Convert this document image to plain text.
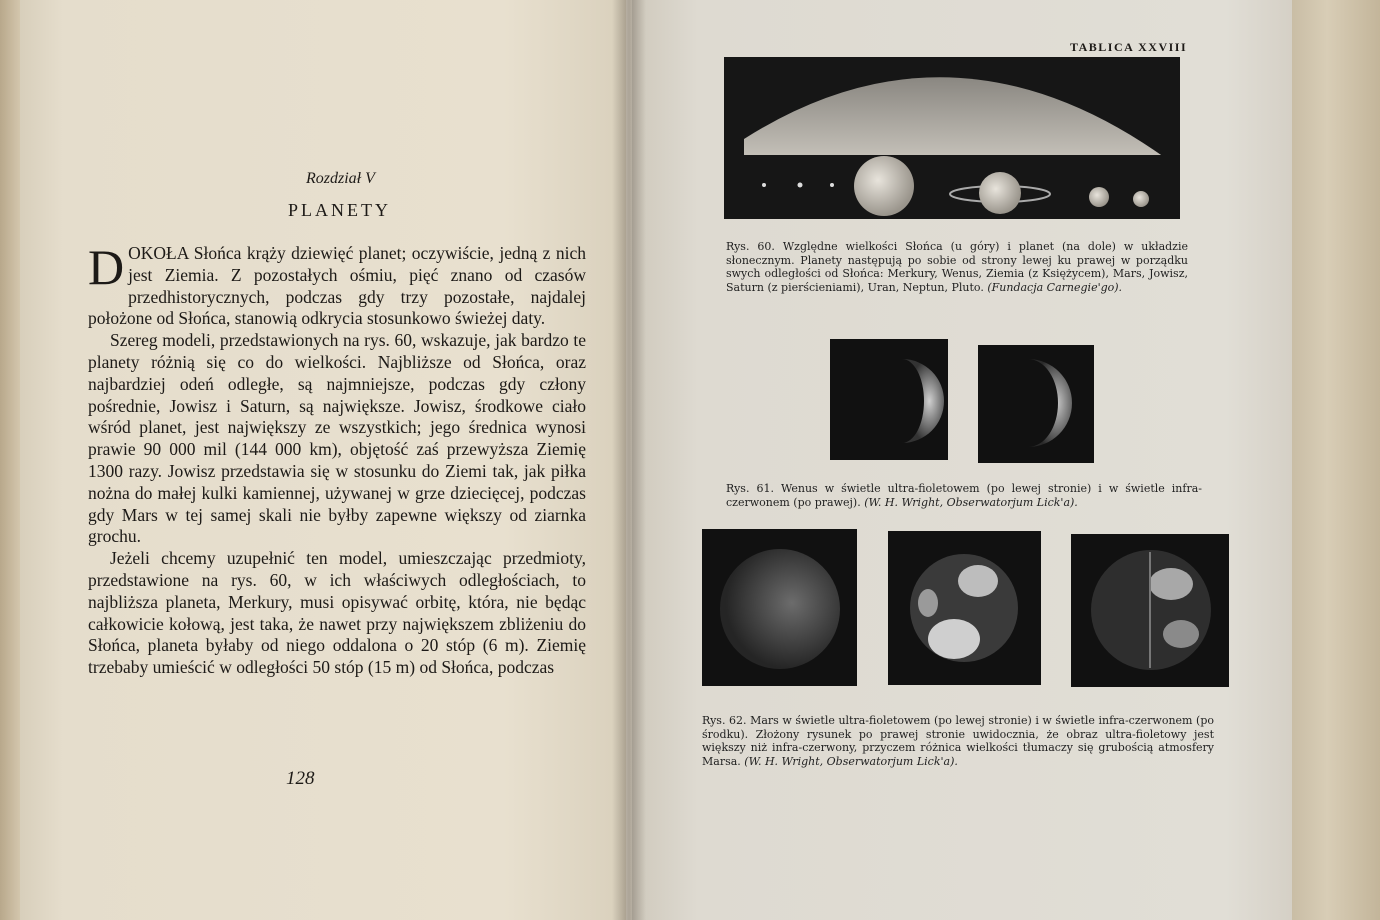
Rozdział V
PLANETY

DOKOŁA Słońca krąży dziewięć planet; oczywiście, jedną z nich jest Ziemia. Z pozostałych ośmiu, pięć znano od czasów przedhistorycznych, podczas gdy trzy pozostałe, najdalej położone od Słońca, stanowią odkrycia stosunkowo świeżej daty.

Szereg modeli, przedstawionych na rys. 60, wskazuje, jak bardzo te planety różnią się co do wielkości. Najbliższe od Słońca, oraz najbardziej odeń odległe, są najmniejsze, podczas gdy człony pośrednie, Jowisz i Saturn, są największe. Jowisz, środkowe ciało wśród planet, jest największy ze wszystkich; jego średnica wynosi prawie 90 000 mil (144 000 km), objętość zaś przewyższa Ziemię 1300 razy. Jowisz przedstawia się w stosunku do Ziemi tak, jak piłka nożna do małej kulki kamiennej, używanej w grze dziecięcej, podczas gdy Mars w tej samej skali nie byłby zapewne większy od ziarnka grochu.

Jeżeli chcemy uzupełnić ten model, umieszczając przedmioty, przedstawione na rys. 60, w ich właściwych odległościach, to najbliższa planeta, Merkury, musi opisywać orbitę, która, nie będąc całkowicie kołową, jest taka, że nawet przy największem zbliżeniu do Słońca, planeta byłaby od niego oddalona o 20 stóp (6 m). Ziemię trzebaby umieścić w odległości 50 stóp (15 m) od Słońca, podczas

128
TABLICA XXVIII
Rys. 60. Względne wielkości Słońca (u góry) i planet (na dole) w układzie słonecznym. Planety następują po sobie od strony lewej ku prawej w porządku swych odległości od Słońca: Merkury, Wenus, Ziemia (z Księżycem), Mars, Jowisz, Saturn (z pierścieniami), Uran, Neptun, Pluto. (Fundacja Carnegie'go).
Rys. 61. Wenus w świetle ultra-fioletowem (po lewej stronie) i w świetle infra-czerwonem (po prawej). (W. H. Wright, Obserwatorjum Lick'a).
Rys. 62. Mars w świetle ultra-fioletowem (po lewej stronie) i w świetle infra-czerwonem (po środku). Złożony rysunek po prawej stronie uwidocznia, że obraz ultra-fioletowy jest większy niż infra-czerwony, przyczem różnica wielkości tłumaczy się grubością atmosfery Marsa. (W. H. Wright, Obserwatorjum Lick'a).
